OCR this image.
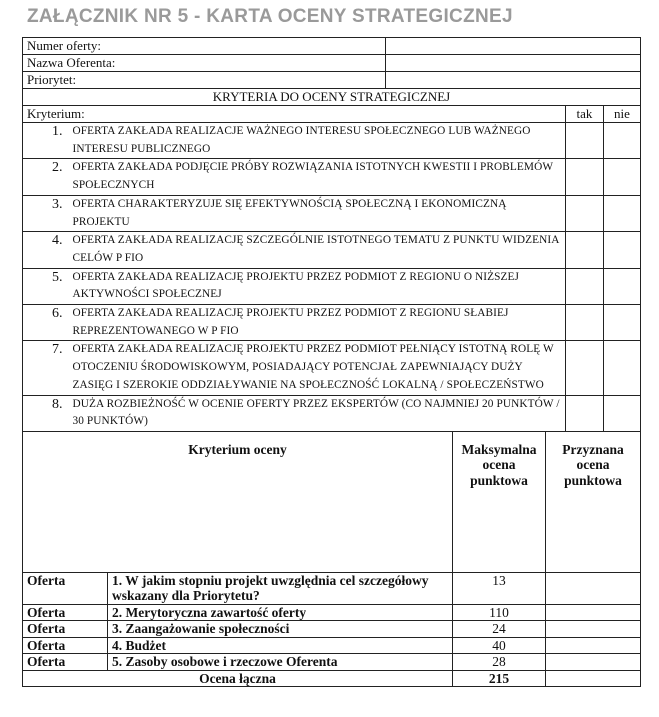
ZAŁĄCZNIK NR 5 - KARTA OCENY STRATEGICZNEJ
Numer oferty:	
Nazwa Oferenta:	
Priorytet:	
KRYTERIA DO OCENY STRATEGICZNEJ			
Kryterium:		tak	nie
1.	OFERTA ZAKŁADA REALIZACJE WAŻNEGO INTERESU SPOŁECZNEGO LUB WAŻNEGO INTERESU PUBLICZNEGO		

2.	OFERTA ZAKŁADA PODJĘCIE PRÓBY ROZWIĄZANIA ISTOTNYCH KWESTII I PROBLEMÓW SPOŁECZNYCH		

3.	OFERTA CHARAKTERYZUJE SIĘ EFEKTYWNOŚCIĄ SPOŁECZNĄ I EKONOMICZNĄ PROJEKTU		

4.	OFERTA ZAKŁADA REALIZACJĘ SZCZEGÓLNIE ISTOTNEGO TEMATU Z PUNKTU WIDZENIA CELÓW P FIO		

5.	OFERTA ZAKŁADA REALIZACJĘ PROJEKTU PRZEZ PODMIOT Z REGIONU O NIŻSZEJ AKTYWNOŚCI SPOŁECZNEJ		

6.	OFERTA ZAKŁADA REALIZACJĘ PROJEKTU PRZEZ PODMIOT Z REGIONU SŁABIEJ REPREZENTOWANEGO W P FIO		

7.	OFERTA ZAKŁADA REALIZACJĘ PROJEKTU PRZEZ PODMIOT PEŁNIĄCY ISTOTNĄ ROLĘ W OTOCZENIU ŚRODOWISKOWYM, POSIADAJĄCY POTENCJAŁ ZAPEWNIAJĄCY DUŻY ZASIĘG I SZEROKIE ODDZIAŁYWANIE NA SPOŁECZNOŚĆ LOKALNĄ / SPOŁECZEŃSTWO		

8.	DUŻA ROZBIEŻNOŚĆ W OCENIE OFERTY PRZEZ EKSPERTÓW (CO NAJMNIEJ 20 PUNKTÓW / 30 PUNKTÓW)		

Kryterium oceny		Maksymalna ocena punktowa	Przyznana ocena punktowa
Oferta	1. W jakim stopniu projekt uwzględnia cel szczegółowy wskazany dla Priorytetu?	13	
Oferta	2. Merytoryczna zawartość oferty	110	
Oferta	3. Zaangażowanie społeczności	24	
Oferta	4. Budżet	40	
Oferta	5. Zasoby osobowe i rzeczowe Oferenta	28	
Ocena łączna		215	
